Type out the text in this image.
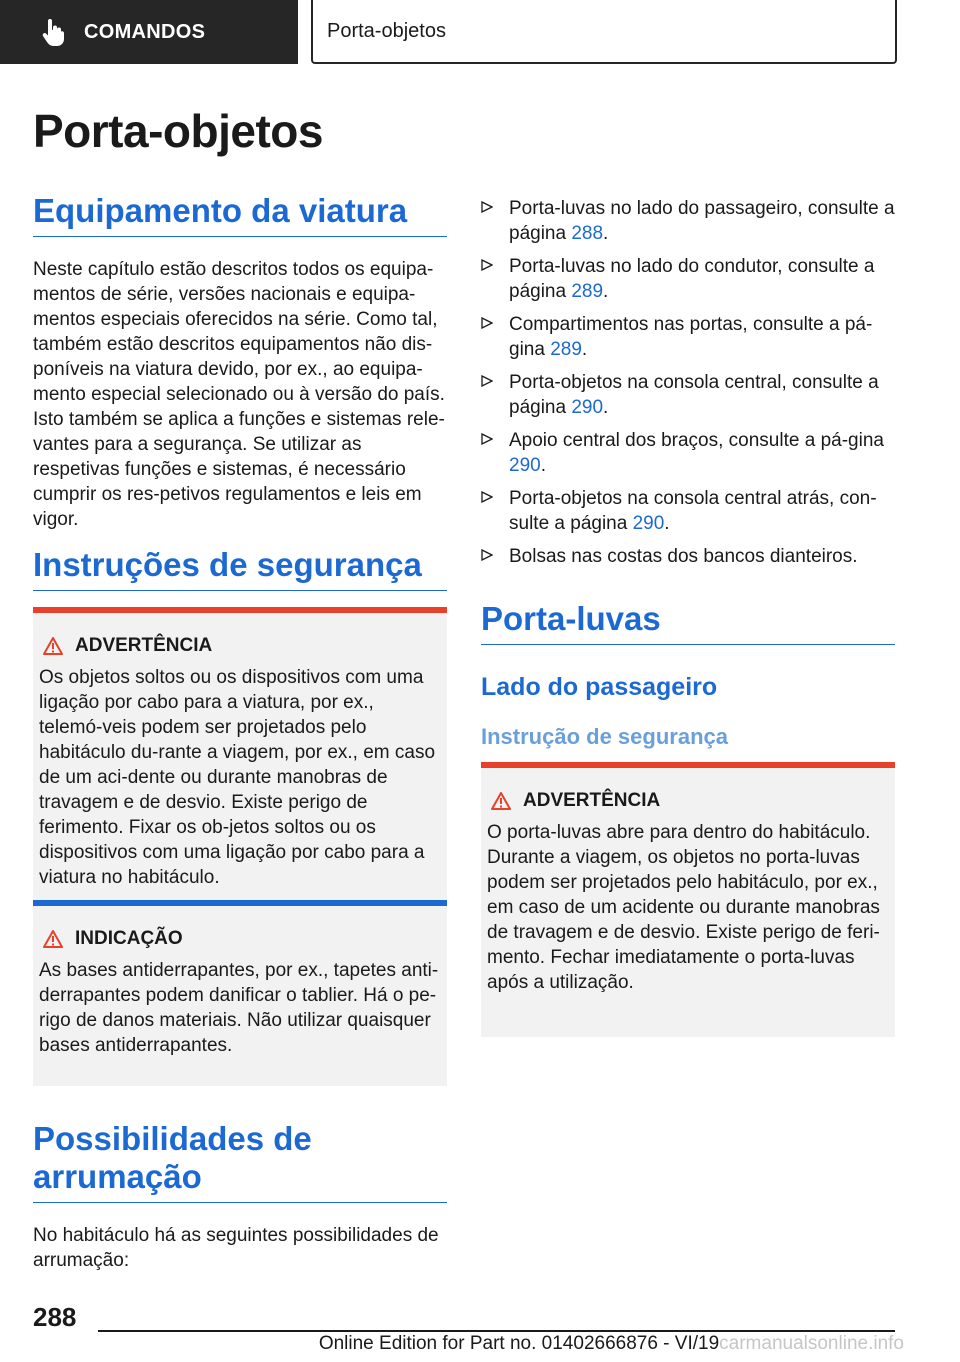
COMANDOS	Porta-objetos
Porta-objetos
Equipamento da viatura

Neste capítulo estão descritos todos os equipa-mentos de série, versões nacionais e equipa-mentos especiais oferecidos na série. Como tal, também estão descritos equipamentos não dis-poníveis na viatura devido, por ex., ao equipa-mento especial selecionado ou à versão do país. Isto também se aplica a funções e sistemas rele-vantes para a segurança. Se utilizar as respetivas funções e sistemas, é necessário cumprir os res-petivos regulamentos e leis em vigor.

Instruções de segurança
ADVERTÊNCIA

Os objetos soltos ou os dispositivos com uma ligação por cabo para a viatura, por ex., telemó-veis podem ser projetados pelo habitáculo du-rante a viagem, por ex., em caso de um aci-dente ou durante manobras de travagem e de desvio. Existe perigo de ferimento. Fixar os ob-jetos soltos ou os dispositivos com uma ligação por cabo para a viatura no habitáculo.

INDICAÇÃO

As bases antiderrapantes, por ex., tapetes anti-derrapantes podem danificar o tablier. Há o pe-rigo de danos materiais. Não utilizar quaisquer bases antiderrapantes.

Possibilidades de arrumação

No habitáculo há as seguintes possibilidades de arrumação:

Porta-luvas no lado do passageiro, consulte a página 288.
Porta-luvas no lado do condutor, consulte a página 289.
Compartimentos nas portas, consulte a pá-gina 289.
Porta-objetos na consola central, consulte a página 290.
Apoio central dos braços, consulte a pá-gina 290.
Porta-objetos na consola central atrás, con-sulte a página 290.
Bolsas nas costas dos bancos dianteiros.
Porta-luvas
Lado do passageiro
Instrução de segurança
ADVERTÊNCIA

O porta-luvas abre para dentro do habitáculo. Durante a viagem, os objetos no porta-luvas podem ser projetados pelo habitáculo, por ex., em caso de um acidente ou durante manobras de travagem e de desvio. Existe perigo de feri-mento. Fechar imediatamente o porta-luvas após a utilização.

288
Online Edition for Part no. 01402666876 - VI/19carmanualsonline.info
